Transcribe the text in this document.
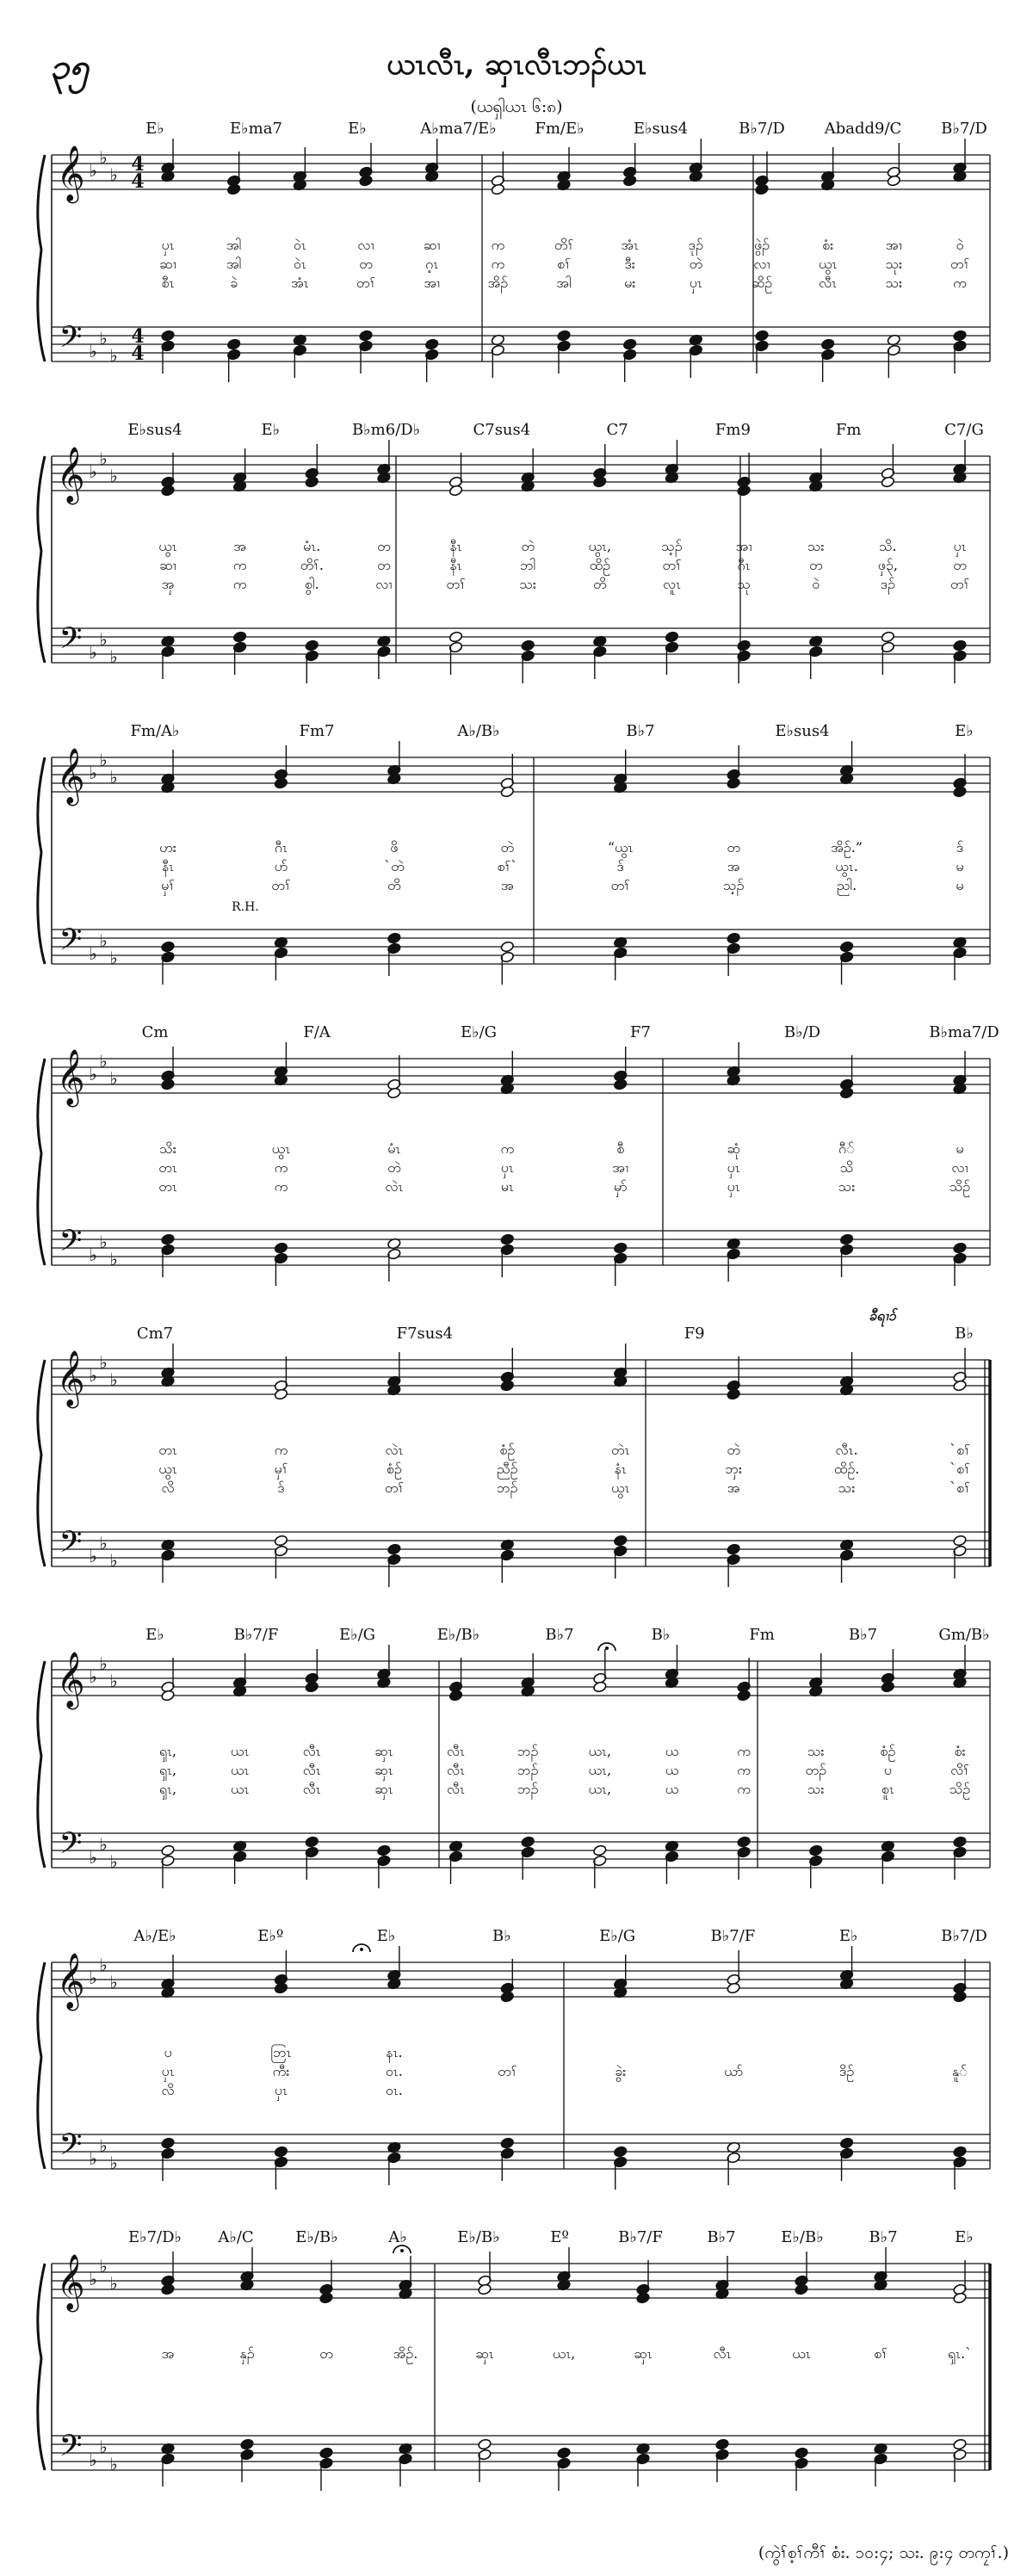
၃၅	ယၤလီၤ, ဆှၤလီၤဘၣ်ယၤ
(ယရှါယၤ ၆:၈)
𝄞 ♭
♭
♭ 4
4
𝄢 ♭
♭
♭
4
4
E♭	E♭ma7	E♭	A♭ma7/E♭ Fm/E♭	E♭sus4	B♭7/D	Abadd9/C	B♭7/D
ပှၤ	အါ	ဝဲၤ	လၢ	ဆၢ	က	တိၢ်	အံၤ	ဒုၣ်	ဖွဲၣ်	စံး	အၢ	ဝဲ
ဆၢ	အါ	ဝဲၤ	တ	ဂ့ၤ	က	စၢ်	ဒီး	တဲ	လၢ	ယွၤ	သုး	တၢ်
စီၤ	ခဲ	အံၤ	တၢ်	အၢ	အိၣ်	အါ	မး	ပှၤ	ဆိဉ်	လီၤ	သး	က
𝄞 ♭
♭
♭
𝄢 ♭
♭
♭
E♭sus4	E♭	B♭m6/D♭	C7sus4	C7	Fm9	Fm	C7/G
ယွၤ	အ	မံၤ.	တ	နီၤ	တဲ	ယွၤ,	သ့ၣ်	အၢ	သး	သိ.	ပှၤ
ဆၢ	က	တိၢ်.	တ	နီၤ	ဘါ	ထိဉ်	တၢ်	ဂီၤ	တ	ဖှ၃်,	တ
အှ	က	စွါ.	လၢ	တၢ်	သး	တိ	လူၤ	သု	ဝဲ	ဒၣ်	တၢ်
𝄞 ♭
♭
♭
𝄢 ♭
♭
♭
Fm/A♭	Fm7	A♭/B♭	B♭7	E♭sus4	E♭
ဟး	ဂီၤ	ဖိ	တဲ	“ယွၤ	တ	အိဉ်.”	ဒ်
နီၤ	ပာ်	`တဲ	စၢ်`	ဒ်	အ	ယွၤ.	မ
မှၢ်	တၢ်	တိ	အ	တၢ်	သ့ၣ်	ညါ.	မ
𝄞 ♭
♭
♭
𝄢 ♭
♭
♭
Cm	F/A	E♭/G	F7	B♭/D	B♭ma7/D
သိး	ယွၤ	မံၤ	က	စီ	ဆုံ	ဂီ်	မ
တၤ	က	တဲ	ပှၤ	အၢ	ပှၤ	သိ	လၢ
တၤ	က	လဲၤ	မၤ	မှာ်	ပှၤ	သး	သိဉ်
𝄞 ♭
♭
♭
𝄢 ♭
♭
♭
Cm7	F7sus4	F9	B♭
တၤ	က	လဲၤ	စံဉ်	တဲၤ	တဲ	လီၤ.	`စၢ်
ယွၤ	မှၢ်	စံဉ်	ညီဉ်	နံၤ	ဘှး	ထိဉ်.	`စၢ်
လိ	ဒ်	တၢ်	ဘၣ်	ယွၤ	အ	သး	`စၢ်
𝄞 ♭
♭
♭
𝄢 ♭
♭
♭
E♭	B♭7/F	E♭/G	E♭/B♭	B♭7	B♭	Fm	B♭7	Gm/B♭
ၡၤ,	ယၤ	လီၤ	ဆှၤ	လီၤ	ဘၣ်	ယၤ,	ယ	က	သး	စံဉ်	စံး
ၡၤ,	ယၤ	လီၤ	ဆှၤ	လီၤ	ဘၣ်	ယၤ,	ယ	က	တၣ်	ပ	လိၢ်
ၡၤ,	ယၤ	လီၤ	ဆှၤ	လီၤ	ဘၣ်	ယၤ,	ယ	က	သး	စူၤ	သိဉ်
𝄞 ♭
♭
♭
𝄢 ♭
♭
♭
A♭/E♭	E♭º	E♭	B♭	E♭/G	B♭7/F	E♭	B♭7/D
ပ	ဘြၤ	နၤ.
ပှၤ	ကီး	ဝၤ.	တၢ်	ခွဲး	ယာ်	ဒိဉ်	နူ်
လိ	ပှၤ	ဝၤ.
𝄞 ♭
♭
♭
𝄢 ♭
♭
♭
E♭7/D♭ A♭/C	E♭/B♭	A♭	E♭/B♭	Eº	B♭7/F	B♭7	E♭/B♭	B♭7	E♭
အ	နှၣ်	တ	အိဉ်.	ဆှၤ	ယၤ,	ဆှၤ	လီၤ	ယၤ	စၢ်	ၡၤ.`
R.H.
ခီရၢၥ်
(ကွဲၢ်စ့ၢ်ကီၢ် စံး. ၁၀:၄; သး. ၉:၄ တကၠၢ်.)
